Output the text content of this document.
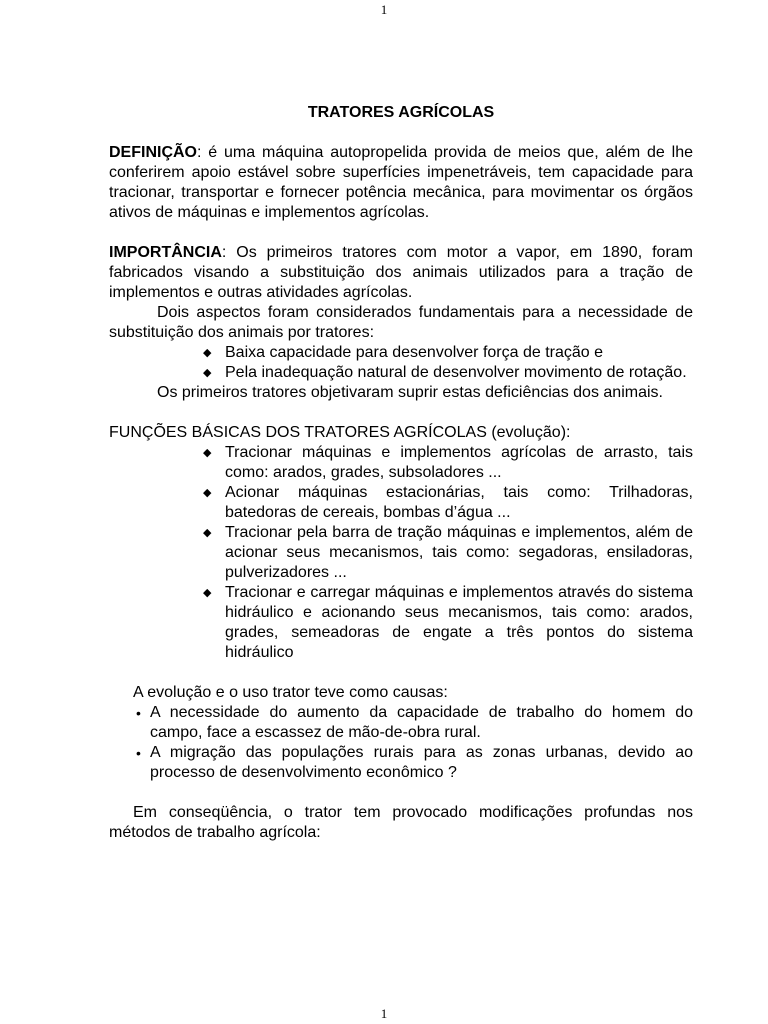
1

TRATORES AGRÍCOLAS

DEFINIÇÃO: é uma máquina autopropelida provida de meios que, além de lhe conferirem apoio estável sobre superfícies impenetráveis, tem capacidade para tracionar, transportar e fornecer potência mecânica, para movimentar os órgãos ativos de máquinas e implementos agrícolas.

IMPORTÂNCIA: Os primeiros tratores com motor a vapor, em 1890, foram fabricados visando a substituição dos animais utilizados para a tração de implementos e outras atividades agrícolas.

Dois aspectos foram considerados fundamentais para a necessidade de substituição dos animais por tratores:

◆ Baixa capacidade para desenvolver força de tração e
◆ Pela inadequação natural de desenvolver movimento de rotação.

Os primeiros tratores objetivaram suprir estas deficiências dos animais.

FUNÇÕES BÁSICAS DOS TRATORES AGRÍCOLAS (evolução):

◆ Tracionar máquinas e implementos agrícolas de arrasto, tais como: arados, grades, subsoladores ...
◆ Acionar máquinas estacionárias, tais como: Trilhadoras, batedoras de cereais, bombas d’água ...
◆ Tracionar pela barra de tração máquinas e implementos, além de acionar seus mecanismos, tais como: segadoras, ensiladoras, pulverizadores ...
◆ Tracionar e carregar máquinas e implementos através do sistema hidráulico e acionando seus mecanismos, tais como: arados, grades, semeadoras de engate a três pontos do sistema hidráulico

A evolução e o uso trator teve como causas:

• A necessidade do aumento da capacidade de trabalho do homem do campo, face a escassez de mão-de-obra rural.
• A migração das populações rurais para as zonas urbanas, devido ao processo de desenvolvimento econômico ?

Em conseqüência, o trator tem provocado modificações profundas nos métodos de trabalho agrícola:

1
